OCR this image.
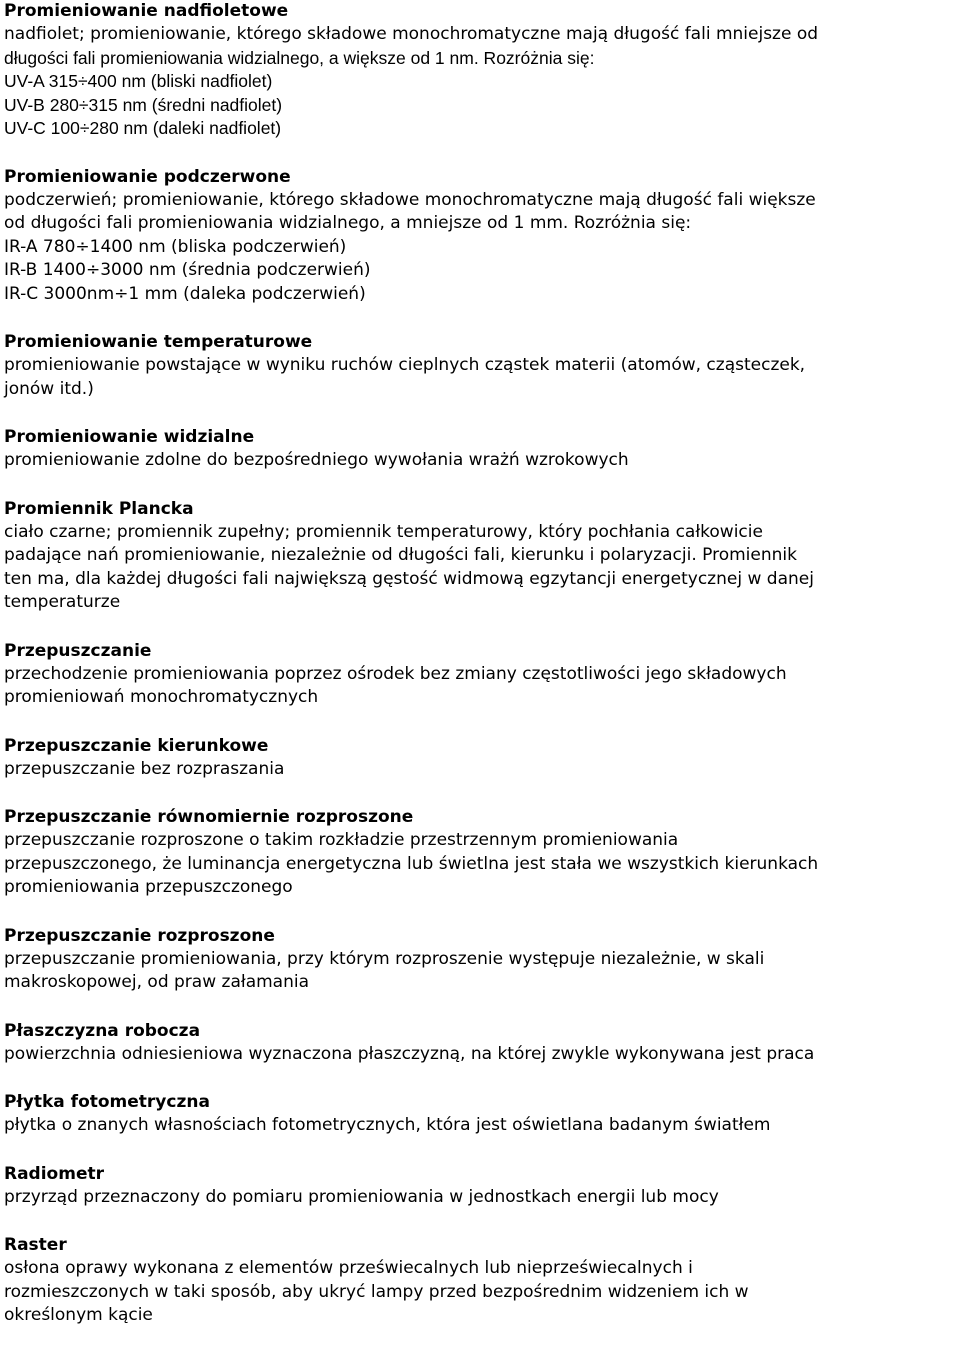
Promieniowanie nadfioletowe

nadfiolet; promieniowanie, którego składowe monochromatyczne mają długość fali mniejsze od
długości fali promieniowania widzialnego, a większe od 1 nm. Rozróżnia się:
UV-A 315÷400 nm (bliski nadfiolet)
UV-B 280÷315 nm (średni nadfiolet)
UV-C 100÷280 nm (daleki nadfiolet)

Promieniowanie podczerwone

podczerwień; promieniowanie, którego składowe monochromatyczne mają długość fali większe
od długości fali promieniowania widzialnego, a mniejsze od 1 mm. Rozróżnia się:
IR-A 780÷1400 nm (bliska podczerwień)
IR-B 1400÷3000 nm (średnia podczerwień)
IR-C 3000nm÷1 mm (daleka podczerwień)

Promieniowanie temperaturowe

promieniowanie powstające w wyniku ruchów cieplnych cząstek materii (atomów, cząsteczek,
jonów itd.)

Promieniowanie widzialne

promieniowanie zdolne do bezpośredniego wywołania wrażń wzrokowych

Promiennik Plancka

ciało czarne; promiennik zupełny; promiennik temperaturowy, który pochłania całkowicie
padające nań promieniowanie, niezależnie od długości fali, kierunku i polaryzacji. Promiennik
ten ma, dla każdej długości fali największą gęstość widmową egzytancji energetycznej w danej
temperaturze

Przepuszczanie

przechodzenie promieniowania poprzez ośrodek bez zmiany częstotliwości jego składowych
promieniowań monochromatycznych

Przepuszczanie kierunkowe

przepuszczanie bez rozpraszania

Przepuszczanie równomiernie rozproszone

przepuszczanie rozproszone o takim rozkładzie przestrzennym promieniowania
przepuszczonego, że luminancja energetyczna lub świetlna jest stała we wszystkich kierunkach
promieniowania przepuszczonego

Przepuszczanie rozproszone

przepuszczanie promieniowania, przy którym rozproszenie występuje niezależnie, w skali
makroskopowej, od praw załamania

Płaszczyzna robocza

powierzchnia odniesieniowa wyznaczona płaszczyzną, na której zwykle wykonywana jest praca

Płytka fotometryczna

płytka o znanych własnościach fotometrycznych, która jest oświetlana badanym światłem

Radiometr

przyrząd przeznaczony do pomiaru promieniowania w jednostkach energii lub mocy

Raster

osłona oprawy wykonana z elementów przeświecalnych lub nieprzeświecalnych i
rozmieszczonych w taki sposób, aby ukryć lampy przed bezpośrednim widzeniem ich w
określonym kącie
